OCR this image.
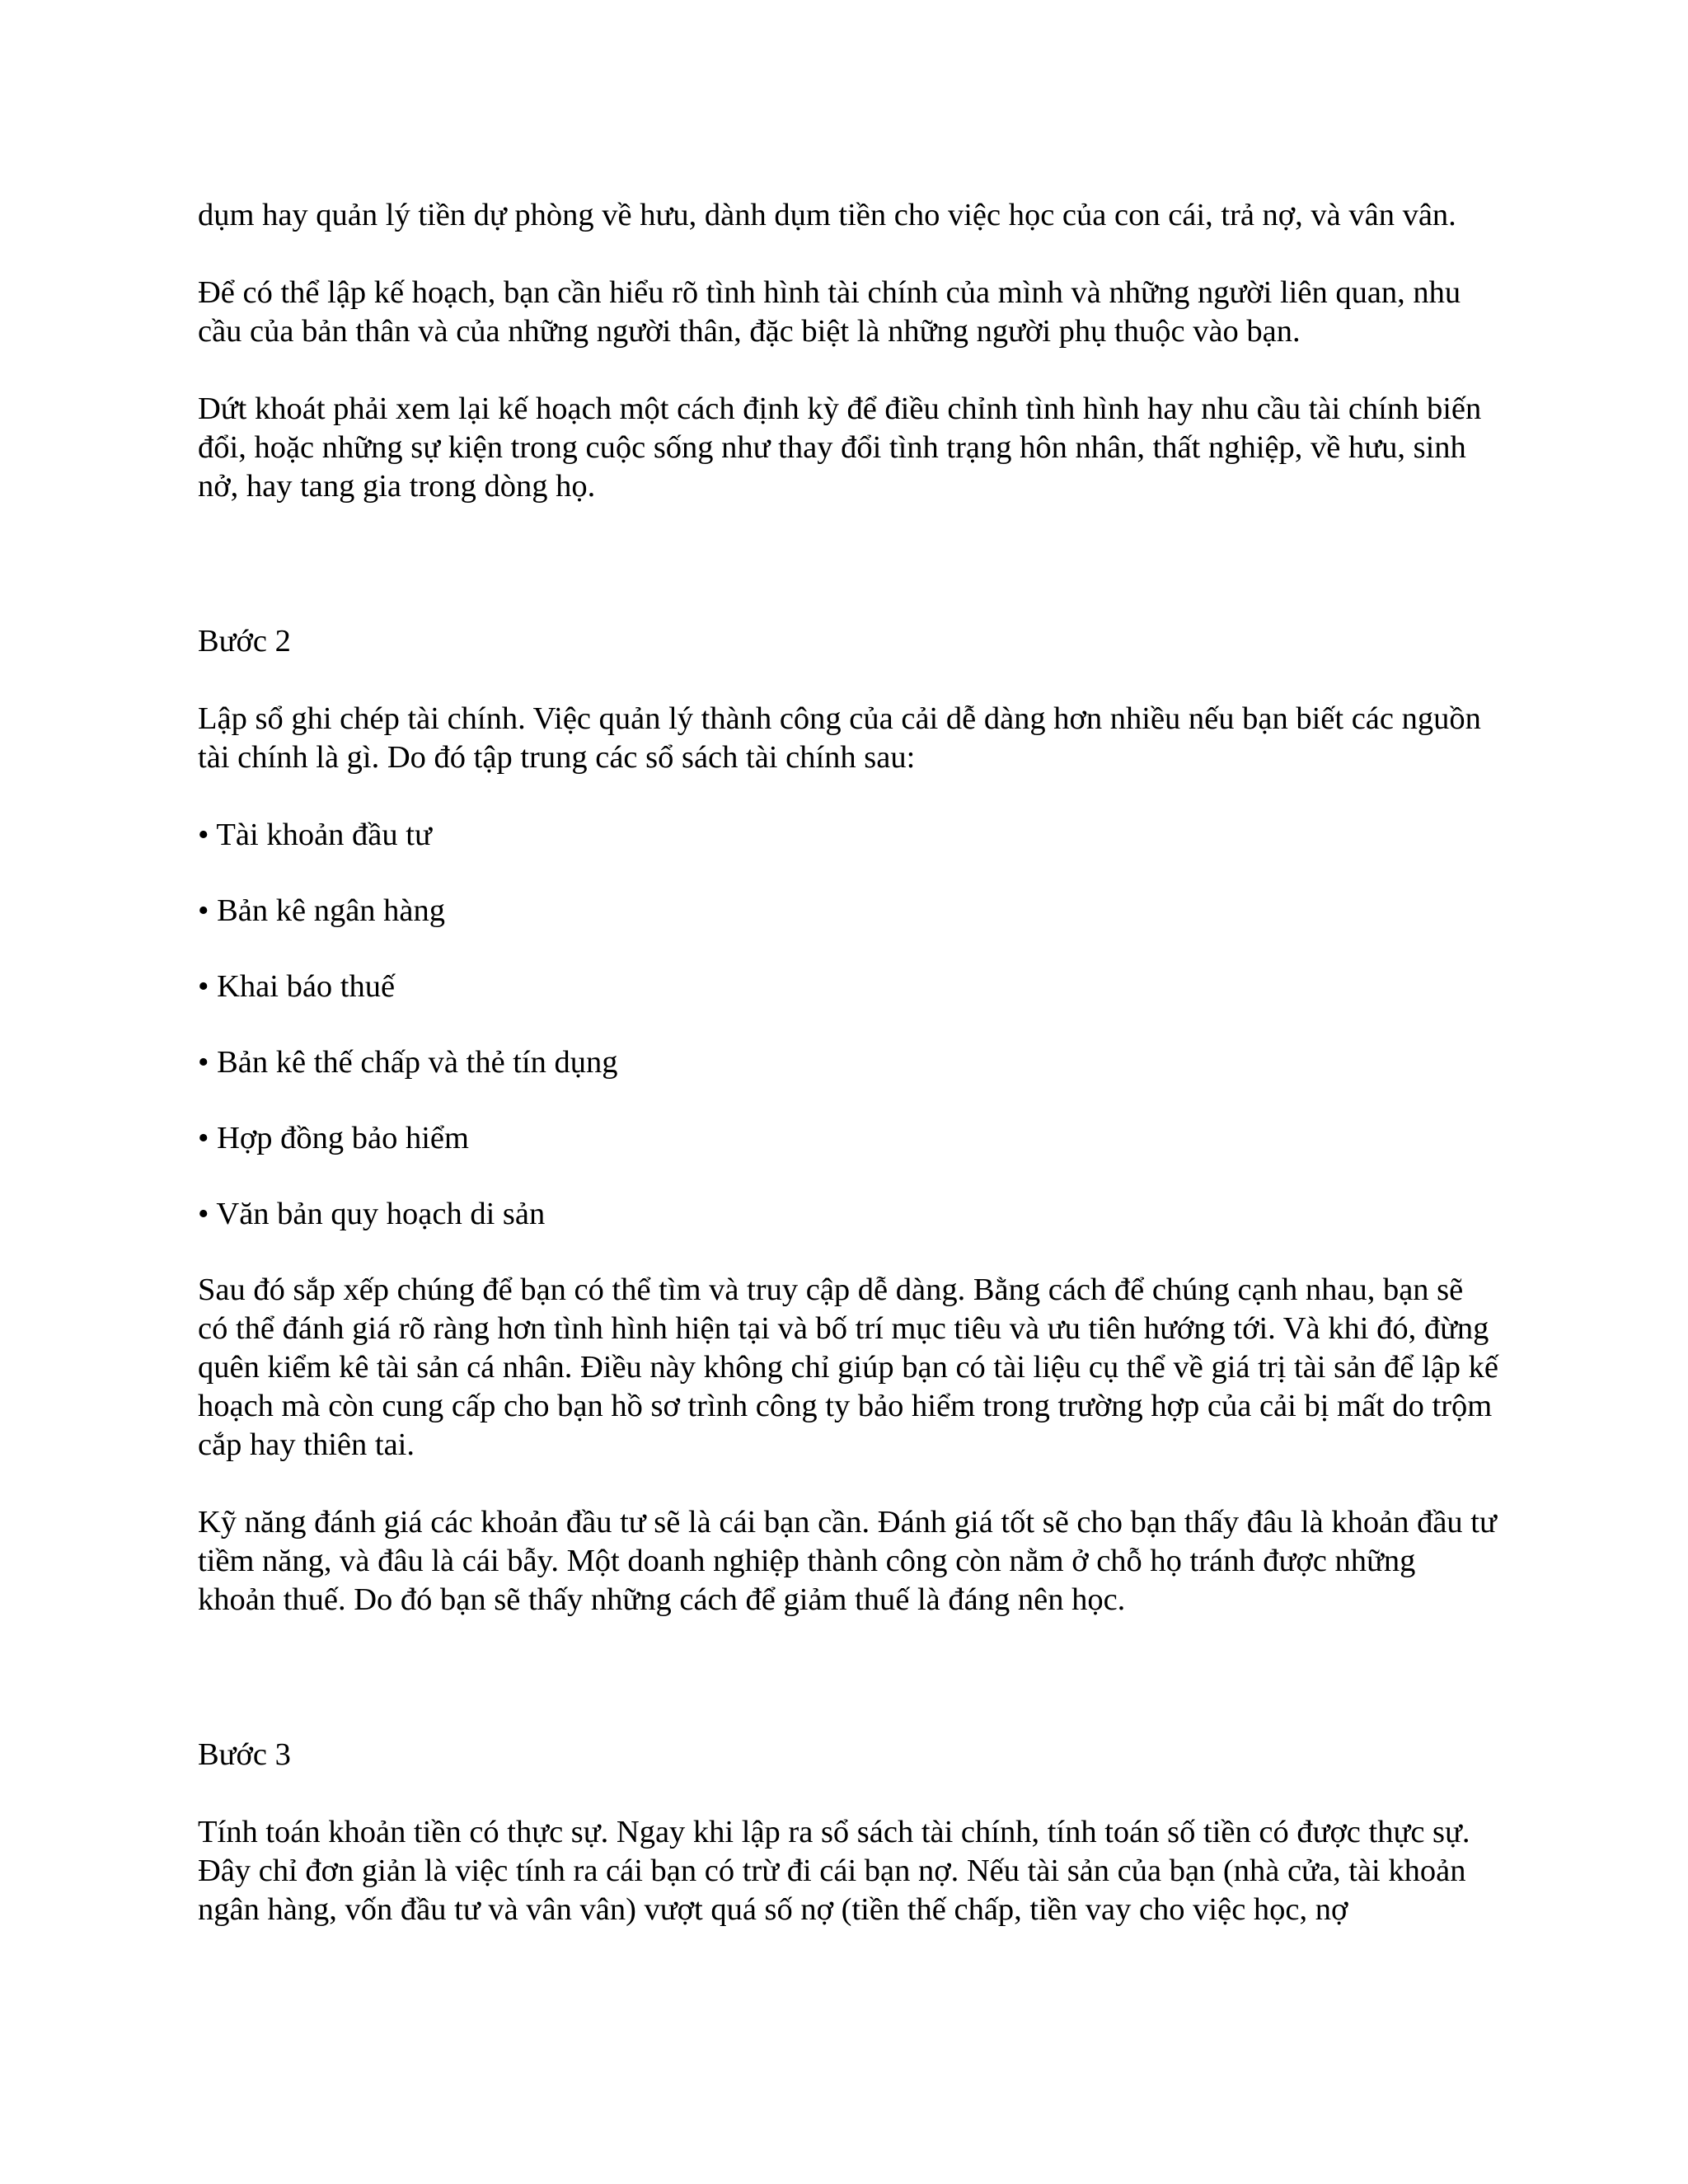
dụm hay quản lý tiền dự phòng về hưu, dành dụm tiền cho việc học của con cái, trả nợ, và vân vân.

Để có thể lập kế hoạch, bạn cần hiểu rõ tình hình tài chính của mình và những người liên quan, nhu cầu của bản thân và của những người thân, đặc biệt là những người phụ thuộc vào bạn.

Dứt khoát phải xem lại kế hoạch một cách định kỳ để điều chỉnh tình hình hay nhu cầu tài chính biến đổi, hoặc những sự kiện trong cuộc sống như thay đổi tình trạng hôn nhân, thất nghiệp, về hưu, sinh nở, hay tang gia trong dòng họ.

Bước 2

Lập sổ ghi chép tài chính. Việc quản lý thành công của cải dễ dàng hơn nhiều nếu bạn biết các nguồn tài chính là gì. Do đó tập trung các sổ sách tài chính sau:

• Tài khoản đầu tư

• Bản kê ngân hàng

• Khai báo thuế

• Bản kê thế chấp và thẻ tín dụng

• Hợp đồng bảo hiểm

• Văn bản quy hoạch di sản

Sau đó sắp xếp chúng để bạn có thể tìm và truy cập dễ dàng. Bằng cách để chúng cạnh nhau, bạn sẽ có thể đánh giá rõ ràng hơn tình hình hiện tại và bố trí mục tiêu và ưu tiên hướng tới. Và khi đó, đừng quên kiểm kê tài sản cá nhân. Điều này không chỉ giúp bạn có tài liệu cụ thể về giá trị tài sản để lập kế hoạch mà còn cung cấp cho bạn hồ sơ trình công ty bảo hiểm trong trường hợp của cải bị mất do trộm cắp hay thiên tai.

Kỹ năng đánh giá các khoản đầu tư sẽ là cái bạn cần. Đánh giá tốt sẽ cho bạn thấy đâu là khoản đầu tư tiềm năng, và đâu là cái bẫy. Một doanh nghiệp thành công còn nằm ở chỗ họ tránh được những khoản thuế. Do đó bạn sẽ thấy những cách để giảm thuế là đáng nên học.

Bước 3

Tính toán khoản tiền có thực sự. Ngay khi lập ra sổ sách tài chính, tính toán số tiền có được thực sự. Đây chỉ đơn giản là việc tính ra cái bạn có trừ đi cái bạn nợ. Nếu tài sản của bạn (nhà cửa, tài khoản ngân hàng, vốn đầu tư và vân vân) vượt quá số nợ (tiền thế chấp, tiền vay cho việc học, nợ
